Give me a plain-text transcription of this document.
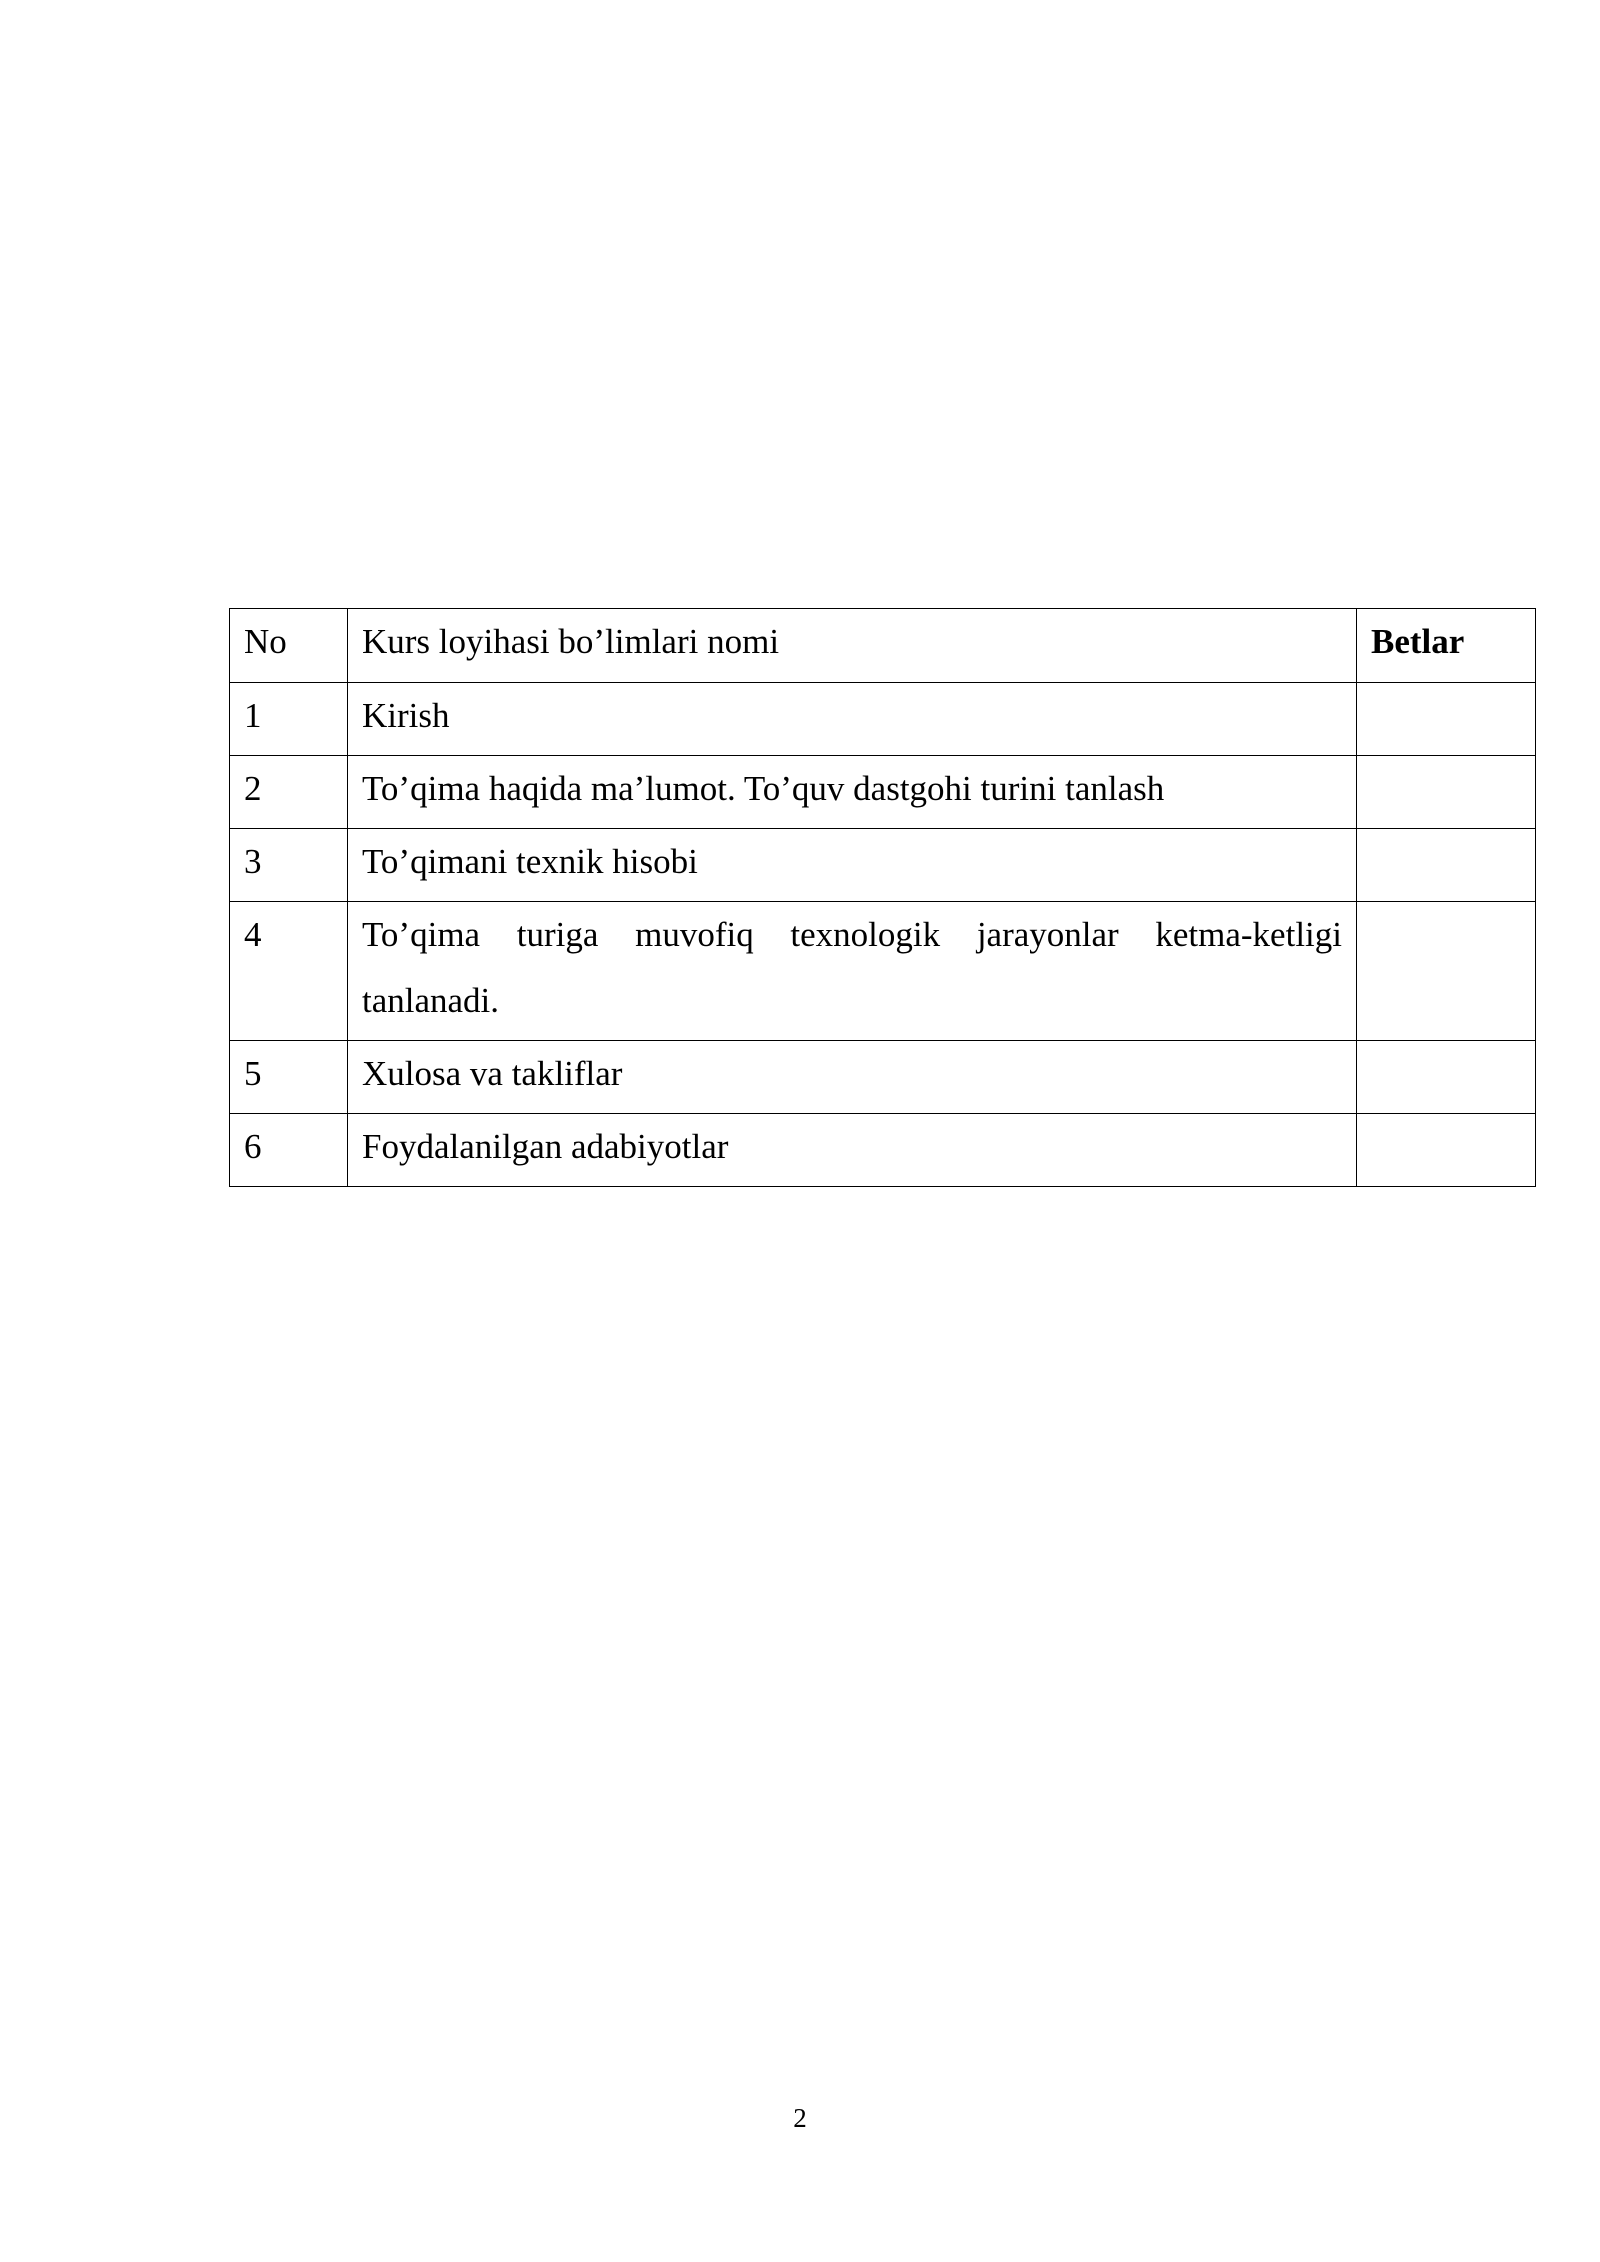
No	Kurs loyihasi bo’limlari nomi	Betlar
1	Kirish	
2	To’qima haqida ma’lumot. To’quv dastgohi turini tanlash	
3	To’qimani texnik hisobi	
4	To’qima turiga muvofiq texnologik jarayonlar ketma-ketligi tanlanadi.	

5	Xulosa va takliflar	
6	Foydalanilgan adabiyotlar	
2
